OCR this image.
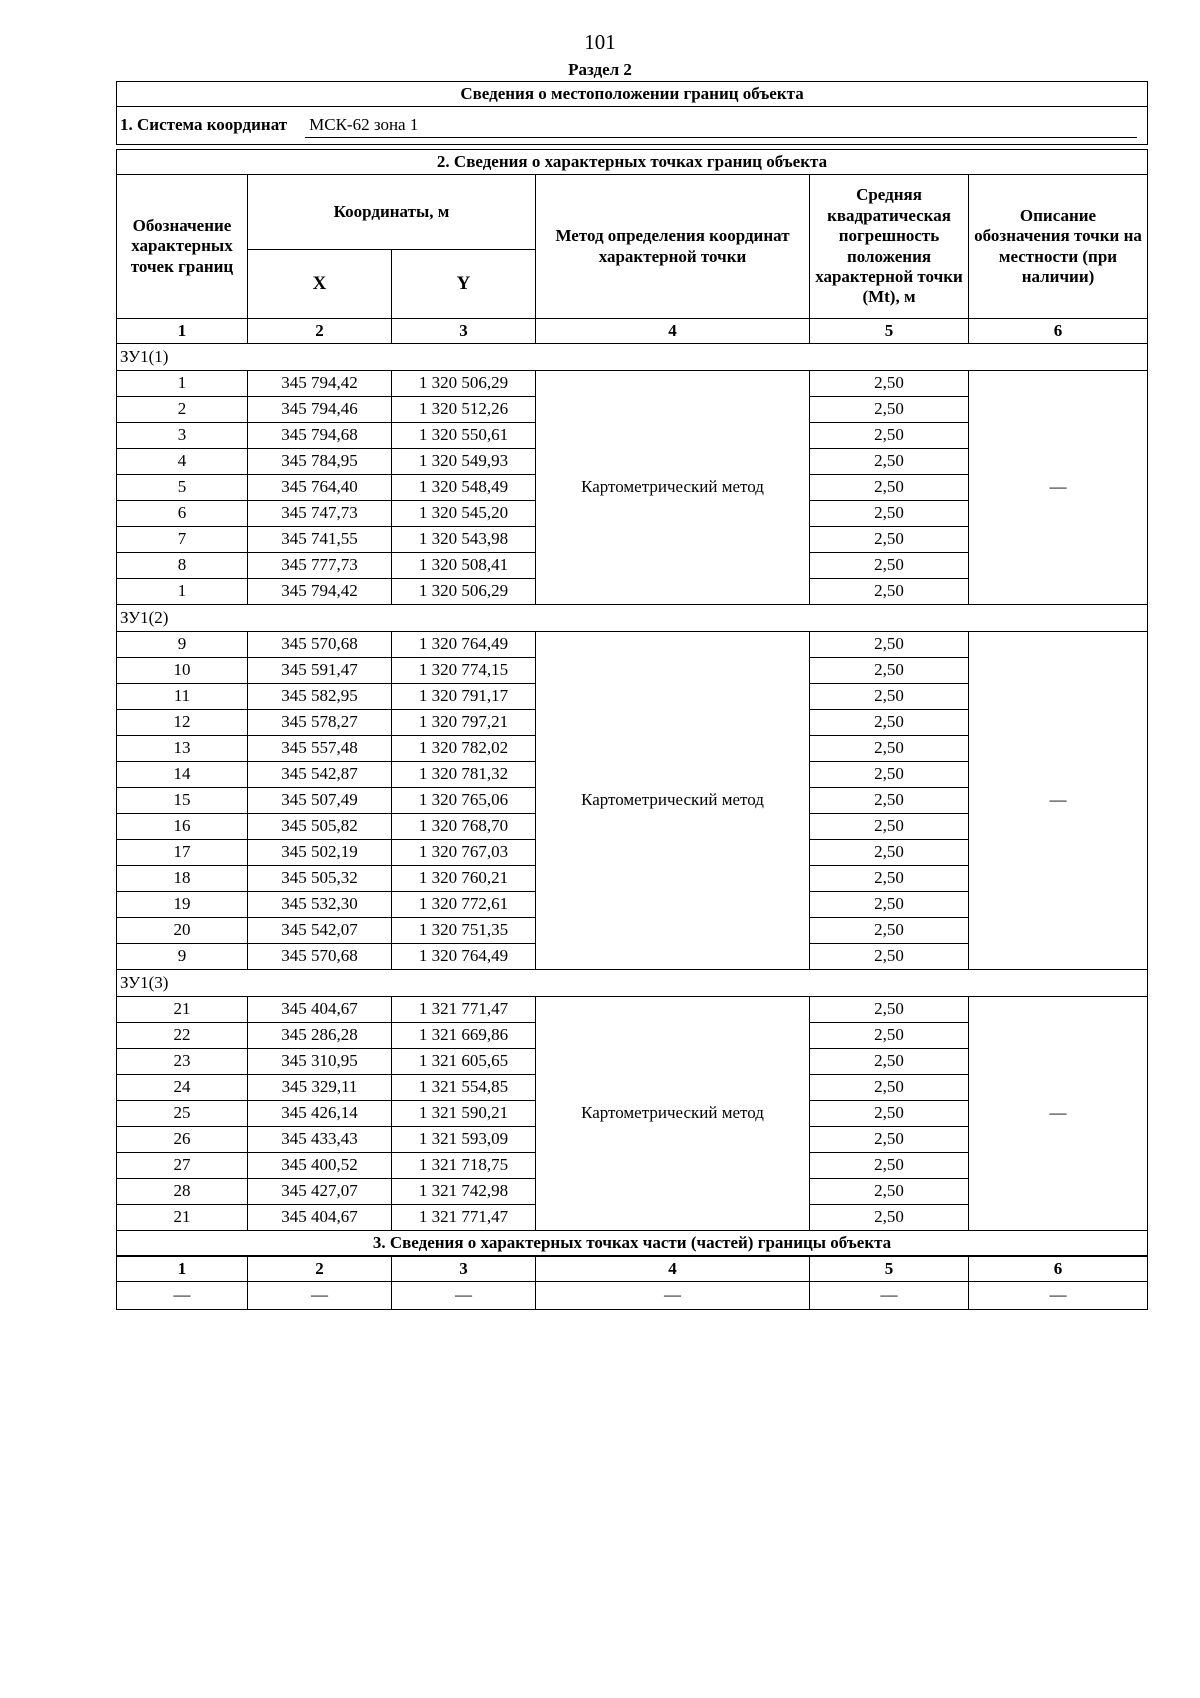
101
Раздел 2
Сведения о местоположении границ объекта					

1. Система координат МСК-62 зона 1					

2. Сведения о характерных точках границ объекта					
Обозначение характерных точек границ	Координаты, м		Метод определения координат характерной точки	Средняя квадратическая погрешность положения характерной точки (Mt), м	Описание обозначения точки на местности (при наличии)
	X	Y			
1	2	3	4	5	6
ЗУ1(1)					
1	345 794,42	1 320 506,29	Картометрический метод	2,50	—
2	345 794,46	1 320 512,26		2,50	
3	345 794,68	1 320 550,61		2,50	
4	345 784,95	1 320 549,93		2,50	
5	345 764,40	1 320 548,49		2,50	
6	345 747,73	1 320 545,20		2,50	
7	345 741,55	1 320 543,98		2,50	
8	345 777,73	1 320 508,41		2,50	
1	345 794,42	1 320 506,29		2,50	
ЗУ1(2)					
9	345 570,68	1 320 764,49	Картометрический метод	2,50	—
10	345 591,47	1 320 774,15		2,50	
11	345 582,95	1 320 791,17		2,50	
12	345 578,27	1 320 797,21		2,50	
13	345 557,48	1 320 782,02		2,50	
14	345 542,87	1 320 781,32		2,50	
15	345 507,49	1 320 765,06		2,50	
16	345 505,82	1 320 768,70		2,50	
17	345 502,19	1 320 767,03		2,50	
18	345 505,32	1 320 760,21		2,50	
19	345 532,30	1 320 772,61		2,50	
20	345 542,07	1 320 751,35		2,50	
9	345 570,68	1 320 764,49		2,50	
ЗУ1(3)					
21	345 404,67	1 321 771,47	Картометрический метод	2,50	—
22	345 286,28	1 321 669,86		2,50	
23	345 310,95	1 321 605,65		2,50	
24	345 329,11	1 321 554,85		2,50	
25	345 426,14	1 321 590,21		2,50	
26	345 433,43	1 321 593,09		2,50	
27	345 400,52	1 321 718,75		2,50	
28	345 427,07	1 321 742,98		2,50	
21	345 404,67	1 321 771,47		2,50	
3. Сведения о характерных точках части (частей) границы объекта					
1	2	3	4	5	6
—	—	—	—	—	—
